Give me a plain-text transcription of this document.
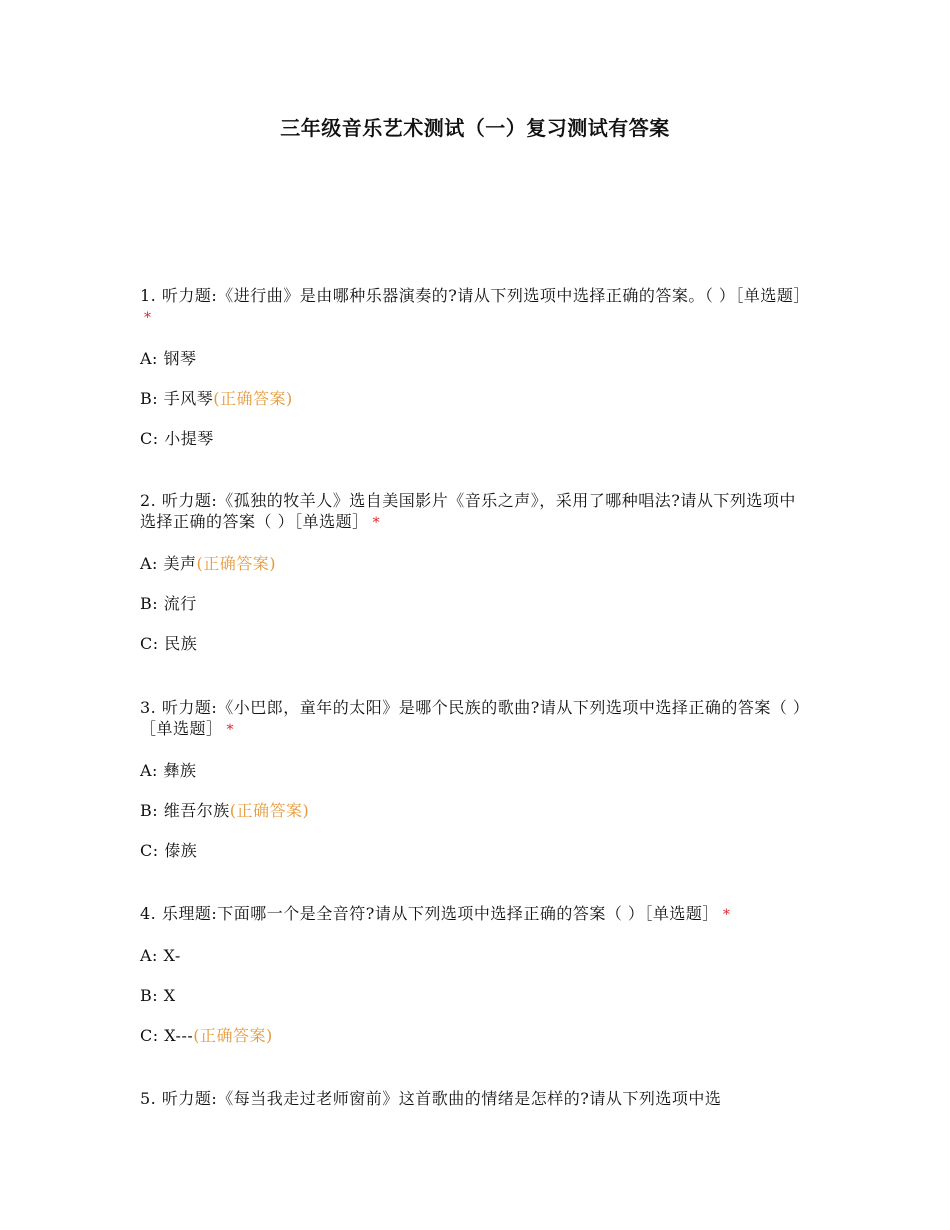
三年级音乐艺术测试（一）复习测试有答案
1. 听力题:《进行曲》是由哪种乐器演奏的?请从下列选项中选择正确的答案。（ ）［单选题］*
A: 钢琴
B: 手风琴(正确答案)
C: 小提琴
2. 听力题:《孤独的牧羊人》选自美国影片《音乐之声》，采用了哪种唱法?请从下列选项中选择正确的答案（ ）［单选题］ *
A: 美声(正确答案)
B: 流行
C: 民族
3. 听力题:《小巴郎，童年的太阳》是哪个民族的歌曲?请从下列选项中选择正确的答案（ ）［单选题］ *
A: 彝族
B: 维吾尔族(正确答案)
C: 傣族
4. 乐理题:下面哪一个是全音符?请从下列选项中选择正确的答案（ ）［单选题］ *
A: X-
B: X
C: X---(正确答案)
5. 听力题:《每当我走过老师窗前》这首歌曲的情绪是怎样的?请从下列选项中选
